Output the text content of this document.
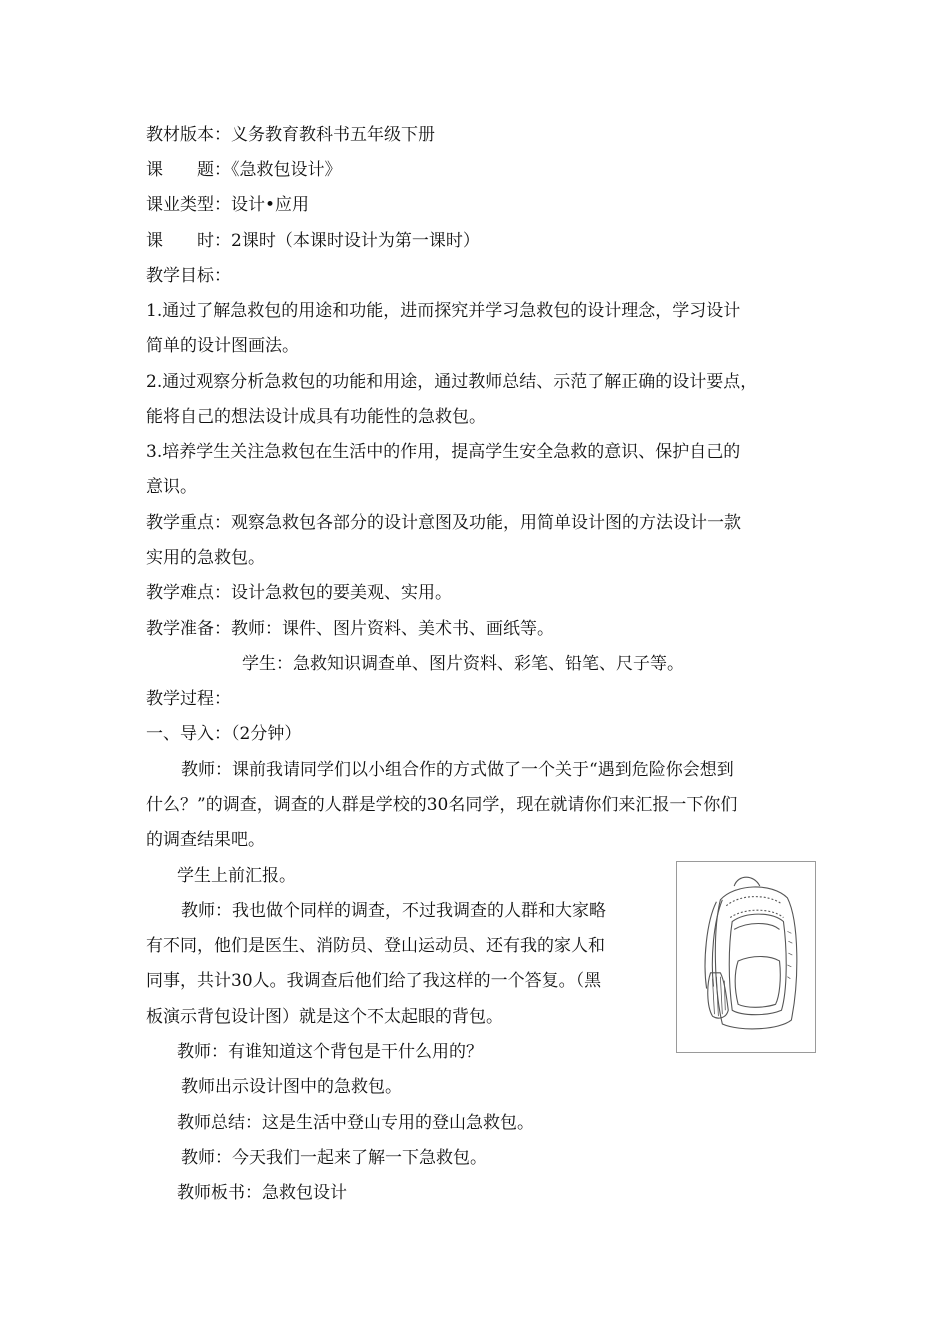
教材版本：义务教育教科书五年级下册
课　　题：《急救包设计》
课业类型：设计•应用
课　　时：2课时（本课时设计为第一课时）
教学目标：
1.通过了解急救包的用途和功能，进而探究并学习急救包的设计理念，学习设计
简单的设计图画法。
2.通过观察分析急救包的功能和用途，通过教师总结、示范了解正确的设计要点，
能将自己的想法设计成具有功能性的急救包。
3.培养学生关注急救包在生活中的作用，提高学生安全急救的意识、保护自己的
意识。
教学重点：观察急救包各部分的设计意图及功能，用简单设计图的方法设计一款
实用的急救包。
教学难点：设计急救包的要美观、实用。
教学准备：教师：课件、图片资料、美术书、画纸等。
学生：急救知识调查单、图片资料、彩笔、铅笔、尺子等。
教学过程：
一、导入：（2分钟）
教师：课前我请同学们以小组合作的方式做了一个关于“遇到危险你会想到
什么？”的调查，调查的人群是学校的30名同学，现在就请你们来汇报一下你们
的调查结果吧。
学生上前汇报。
教师：我也做个同样的调查，不过我调查的人群和大家略
有不同，他们是医生、消防员、登山运动员、还有我的家人和
同事，共计30人。我调查后他们给了我这样的一个答复。（黑
板演示背包设计图）就是这个不太起眼的背包。
教师：有谁知道这个背包是干什么用的？
教师出示设计图中的急救包。
教师总结：这是生活中登山专用的登山急救包。
教师：今天我们一起来了解一下急救包。
教师板书：急救包设计
